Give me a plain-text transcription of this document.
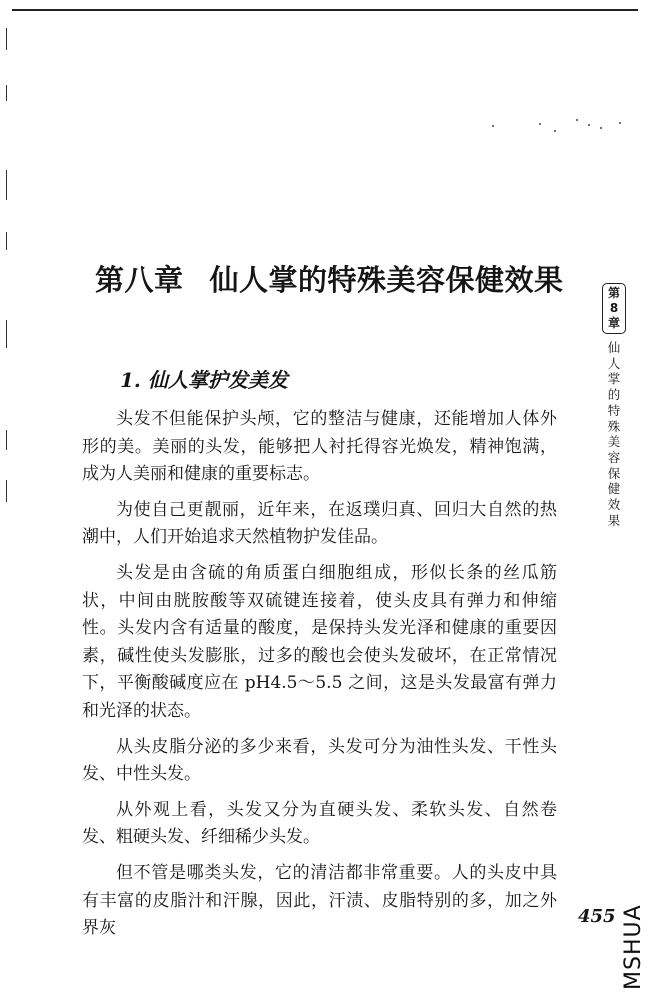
第八章 仙人掌的特殊美容保健效果
1. 仙人掌护发美发

头发不但能保护头颅，它的整洁与健康，还能增加人体外形的美。美丽的头发，能够把人衬托得容光焕发，精神饱满，成为人美丽和健康的重要标志。

为使自己更靓丽，近年来，在返璞归真、回归大自然的热潮中，人们开始追求天然植物护发佳品。

头发是由含硫的角质蛋白细胞组成，形似长条的丝瓜筋状，中间由胱胺酸等双硫键连接着，使头皮具有弹力和伸缩性。头发内含有适量的酸度，是保持头发光泽和健康的重要因素，碱性使头发膨胀，过多的酸也会使头发破坏，在正常情况下，平衡酸碱度应在 pH4.5～5.5 之间，这是头发最富有弹力和光泽的状态。

从头皮脂分泌的多少来看，头发可分为油性头发、干性头发、中性头发。

从外观上看，头发又分为直硬头发、柔软头发、自然卷发、粗硬头发、纤细稀少头发。

但不管是哪类头发，它的清洁都非常重要。人的头皮中具有丰富的皮脂汁和汗腺，因此，汗渍、皮脂特别的多，加之外界灰

第
8
章
仙
人
掌
的
特
殊
美
容
保
健
效
果
455 MSHUA
